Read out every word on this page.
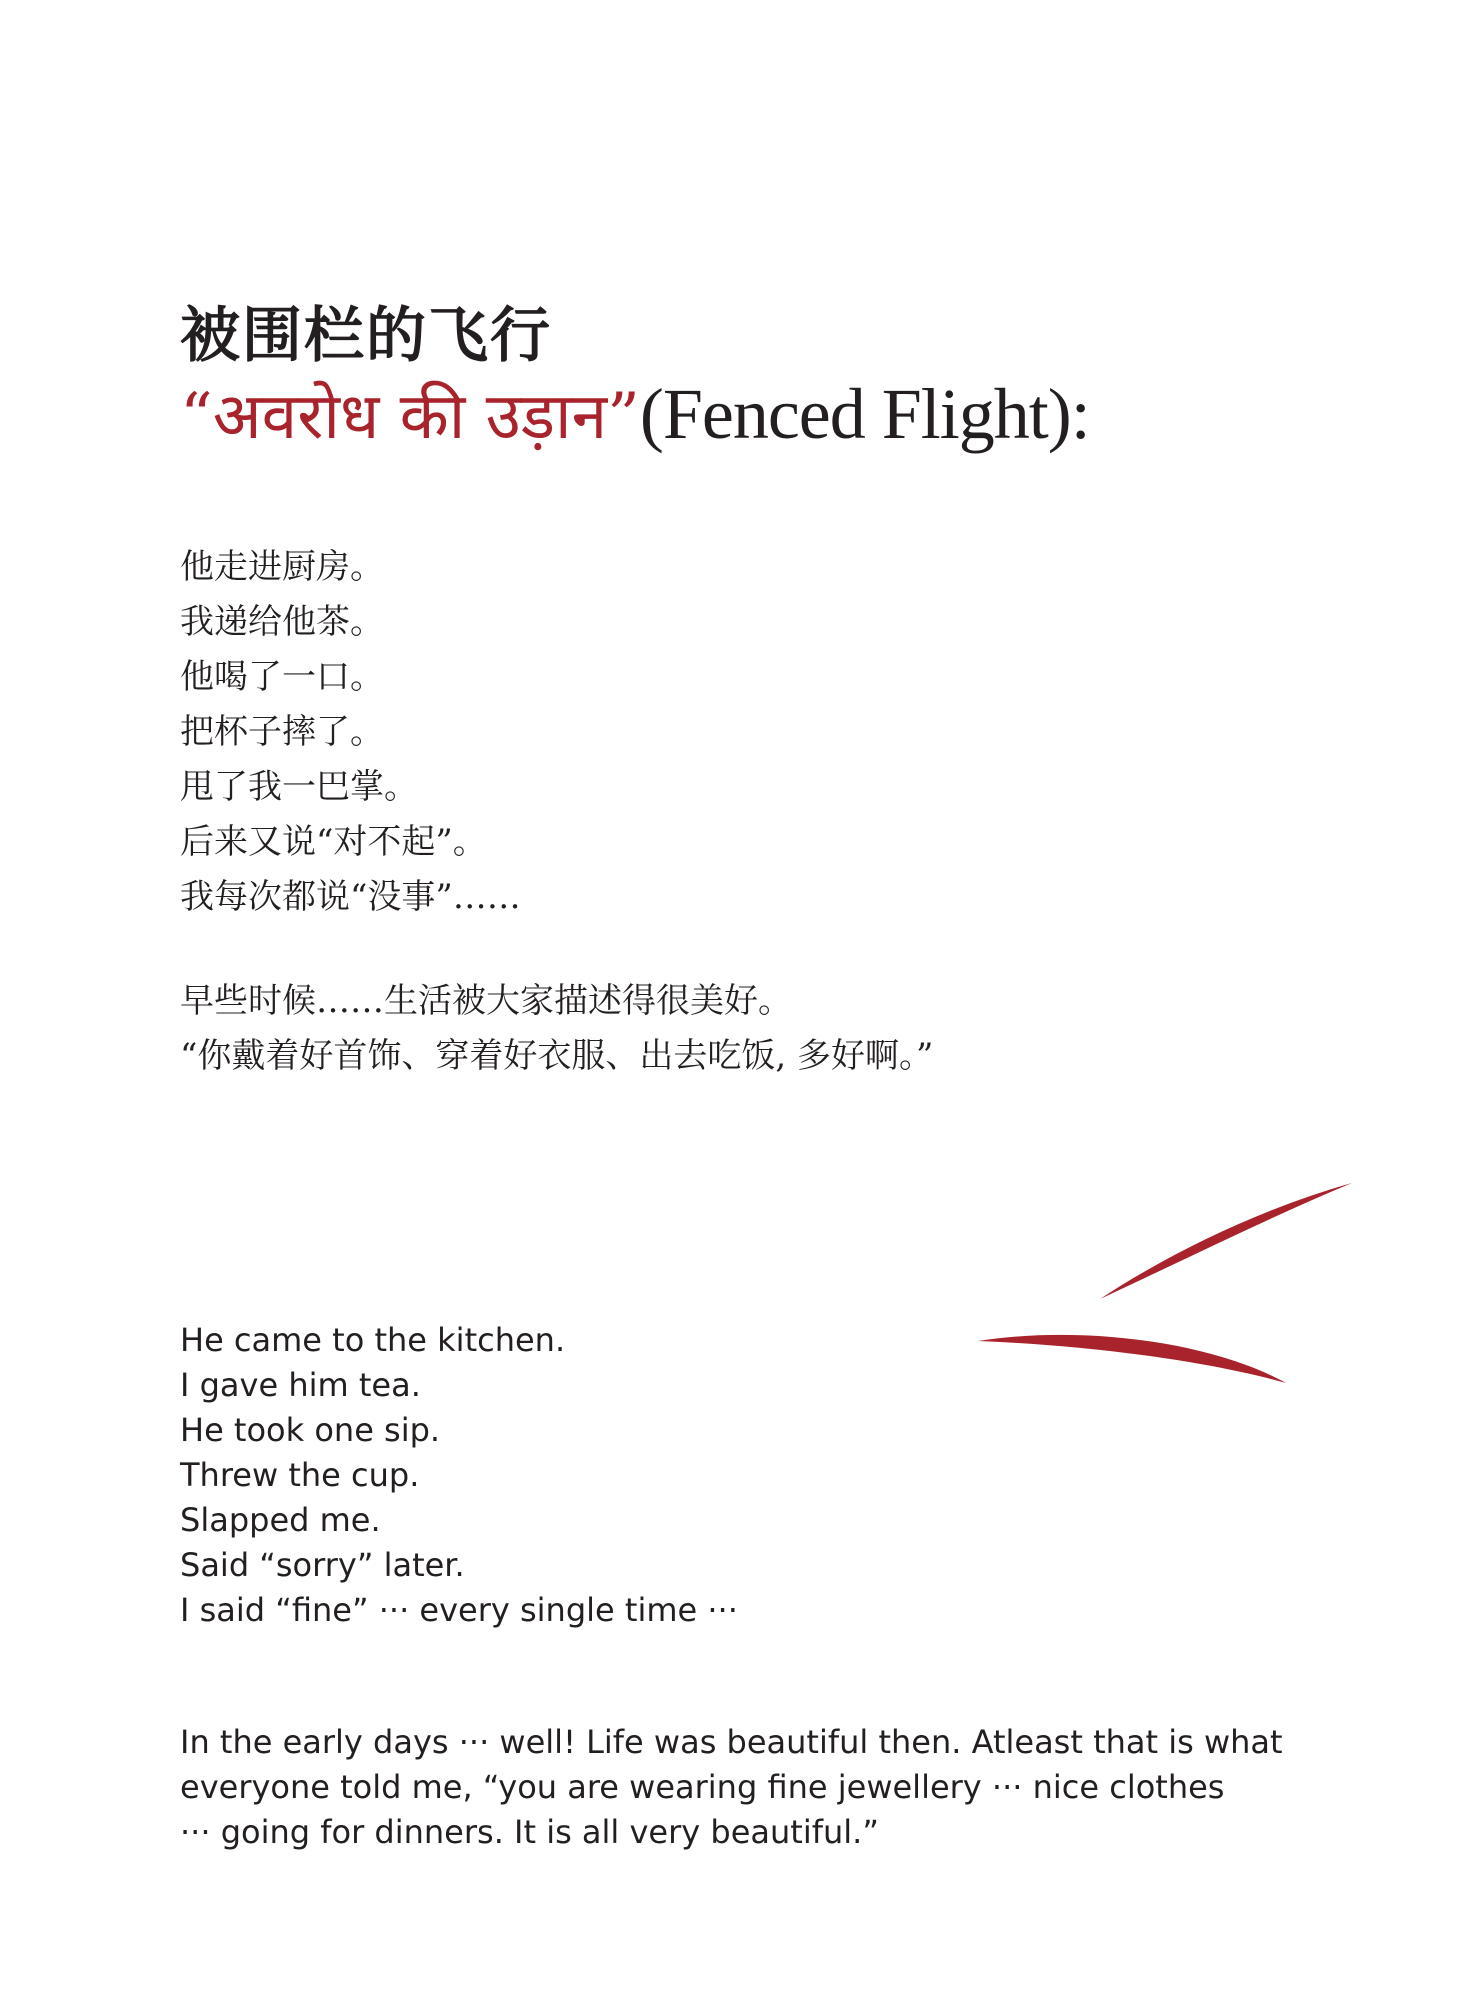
被围栏的飞行
“अवरोध की उड़ान”(Fenced Flight):
他走进厨房。
我递给他茶。
他喝了一口。
把杯子摔了。
甩了我一巴掌。
后来又说“对不起”。
我每次都说“没事”……
早些时候……生活被大家描述得很美好。
“你戴着好首饰、穿着好衣服、出去吃饭, 多好啊。”
He came to the kitchen.
I gave him tea.
He took one sip.
Threw the cup.
Slapped me.
Said “sorry” later.
I said “fine” ··· every single time ···
In the early days ··· well! Life was beautiful then. Atleast that is what
everyone told me, “you are wearing fine jewellery ··· nice clothes
··· going for dinners. It is all very beautiful.”
